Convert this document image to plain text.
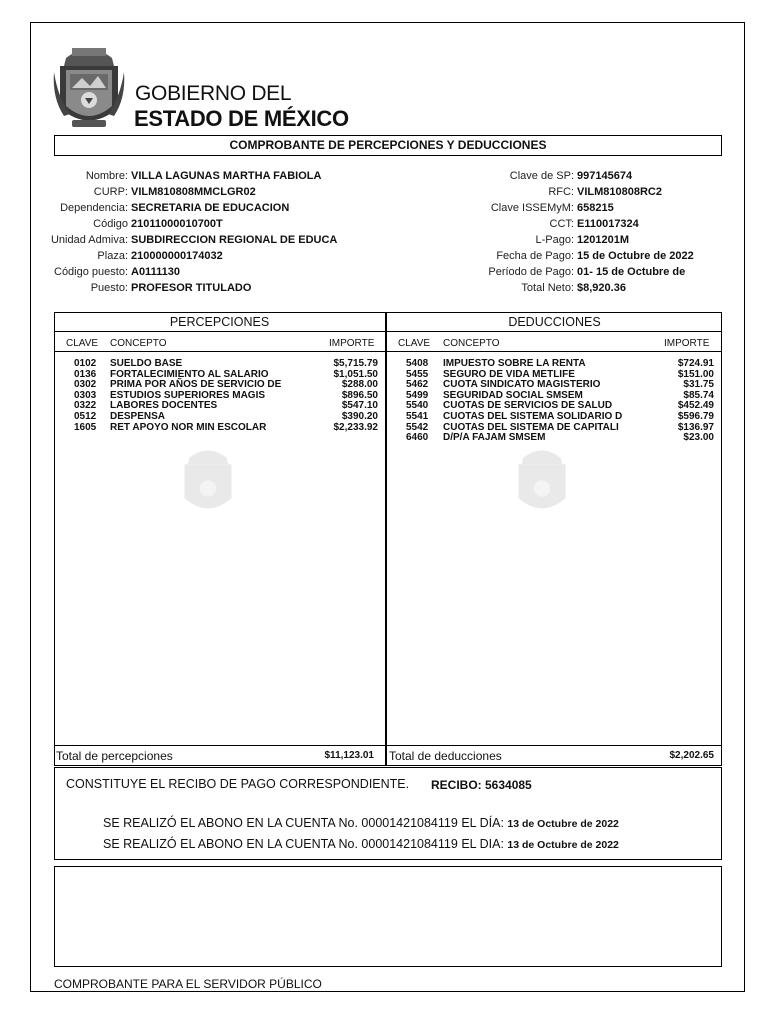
GOBIERNO DEL
ESTADO DE MÉXICO
COMPROBANTE DE PERCEPCIONES Y DEDUCCIONES
Nombre: VILLA LAGUNAS MARTHA FABIOLA
CURP: VILM810808MMCLGR02
Dependencia: SECRETARIA DE EDUCACION
Código 21011000010700T
Unidad Admiva: SUBDIRECCION REGIONAL DE EDUCA
Plaza: 210000000174032
Código puesto: A0111130
Puesto: PROFESOR TITULADO
Clave de SP: 997145674
RFC: VILM810808RC2
Clave ISSEMyM: 658215
CCT: E110017324
L-Pago: 1201201M
Fecha de Pago: 15 de Octubre de 2022
Período de Pago: 01- 15 de Octubre de
Total Neto: $8,920.36
PERCEPCIONES
CLAVE CONCEPTO	IMPORTE
DEDUCCIONES
CLAVE CONCEPTO	IMPORTE
0102 SUELDO BASE	$5,715.79
0136 FORTALECIMIENTO AL SALARIO	$1,051.50
0302 PRIMA POR AÑOS DE SERVICIO DE	$288.00
0303 ESTUDIOS SUPERIORES MAGIS	$896.50
0322 LABORES DOCENTES	$547.10
0512 DESPENSA	$390.20
1605 RET APOYO NOR MIN ESCOLAR	$2,233.92
5408 IMPUESTO SOBRE LA RENTA	$724.91
5455 SEGURO DE VIDA METLIFE	$151.00
5462 CUOTA SINDICATO MAGISTERIO	$31.75
5499 SEGURIDAD SOCIAL SMSEM	$85.74
5540 CUOTAS DE SERVICIOS DE SALUD	$452.49
5541 CUOTAS DEL SISTEMA SOLIDARIO D	$596.79
5542 CUOTAS DEL SISTEMA DE CAPITALI	$136.97
6460 D/P/A FAJAM SMSEM	$23.00
Total de percepciones	$11,123.01 Total de deducciones	$2,202.65
CONSTITUYE EL RECIBO DE PAGO CORRESPONDIENTE. RECIBO: 5634085
SE REALIZÓ EL ABONO EN LA CUENTA No. 00001421084119 EL DÍA: 13 de Octubre de 2022
SE REALIZÓ EL ABONO EN LA CUENTA No. 00001421084119 EL DIA: 13 de Octubre de 2022
COMPROBANTE PARA EL SERVIDOR PÚBLICO
